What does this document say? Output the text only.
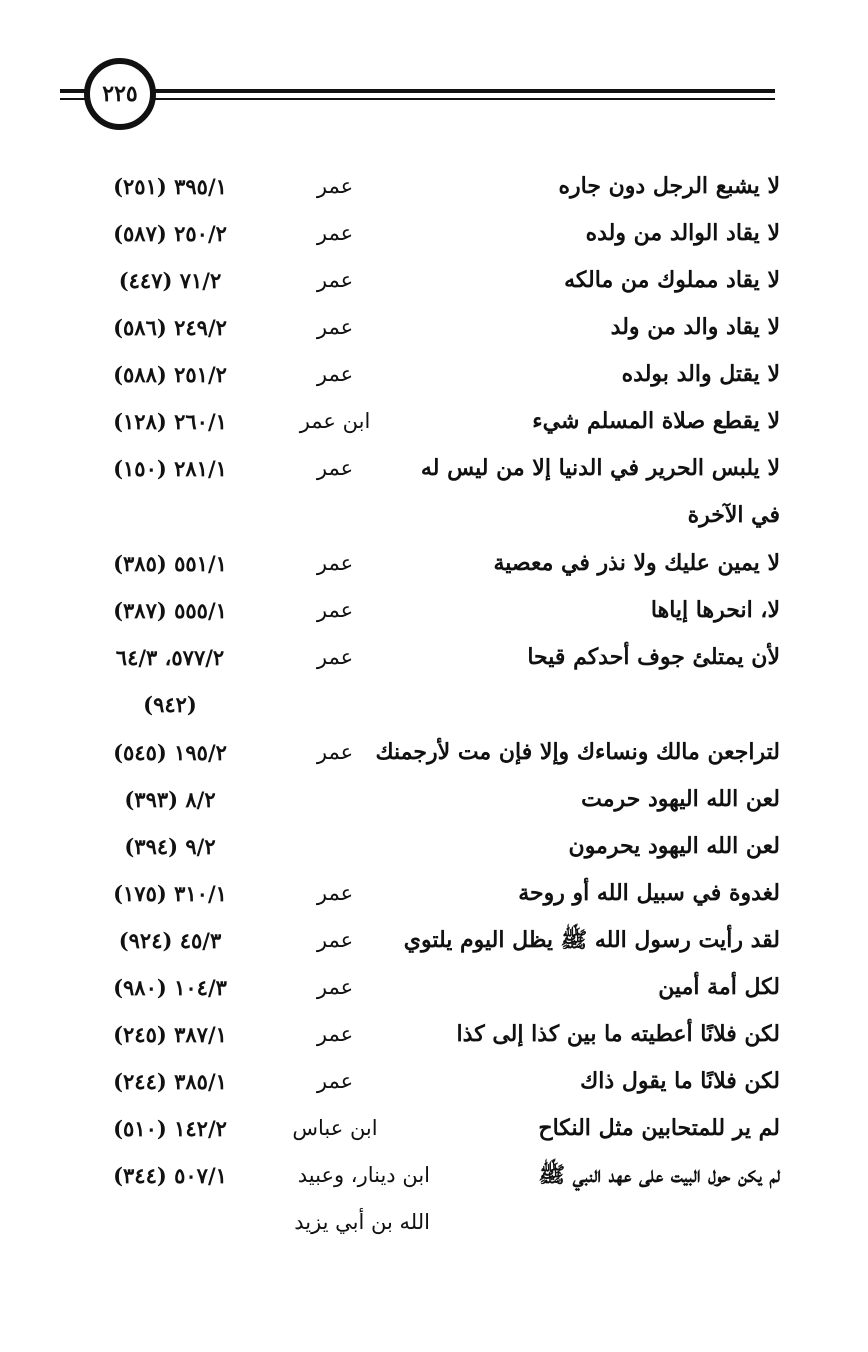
٢٢٥
لا يشبع الرجل دون جاره
عمر
٣٩٥/١ (٢٥١)
لا يقاد الوالد من ولده
عمر
٢٥٠/٢ (٥٨٧)
لا يقاد مملوك من مالكه
عمر
٧١/٢ (٤٤٧)
لا يقاد والد من ولد
عمر
٢٤٩/٢ (٥٨٦)
لا يقتل والد بولده
عمر
٢٥١/٢ (٥٨٨)
لا يقطع صلاة المسلم شيء
ابن عمر
٢٦٠/١ (١٢٨)
لا يلبس الحرير في الدنيا إلا من ليس له في الآخرة
عمر
٢٨١/١ (١٥٠)
لا يمين عليك ولا نذر في معصية
عمر
٥٥١/١ (٣٨٥)
لا، انحرها إياها
عمر
٥٥٥/١ (٣٨٧)
لأن يمتلئ جوف أحدكم قيحا
عمر
٥٧٧/٢، ٦٤/٣
(٩٤٢)
لتراجعن مالك ونساءك وإلا فإن مت لأرجمنك
عمر
١٩٥/٢ (٥٤٥)
لعن الله اليهود حرمت
٨/٢ (٣٩٣)
لعن الله اليهود يحرمون
٩/٢ (٣٩٤)
لغدوة في سبيل الله أو روحة
عمر
٣١٠/١ (١٧٥)
لقد رأيت رسول الله ﷺ يظل اليوم يلتوي
عمر
٤٥/٣ (٩٢٤)
لكل أمة أمين
عمر
١٠٤/٣ (٩٨٠)
لكن فلانًا أعطيته ما بين كذا إلى كذا
عمر
٣٨٧/١ (٢٤٥)
لكن فلانًا ما يقول ذاك
عمر
٣٨٥/١ (٢٤٤)
لم ير للمتحابين مثل النكاح
ابن عباس
١٤٢/٢ (٥١٠)
لم يكن حول البيت على عهد النبي ﷺ
ابن دينار، وعبيد
الله بن أبي يزيد
٥٠٧/١ (٣٤٤)
